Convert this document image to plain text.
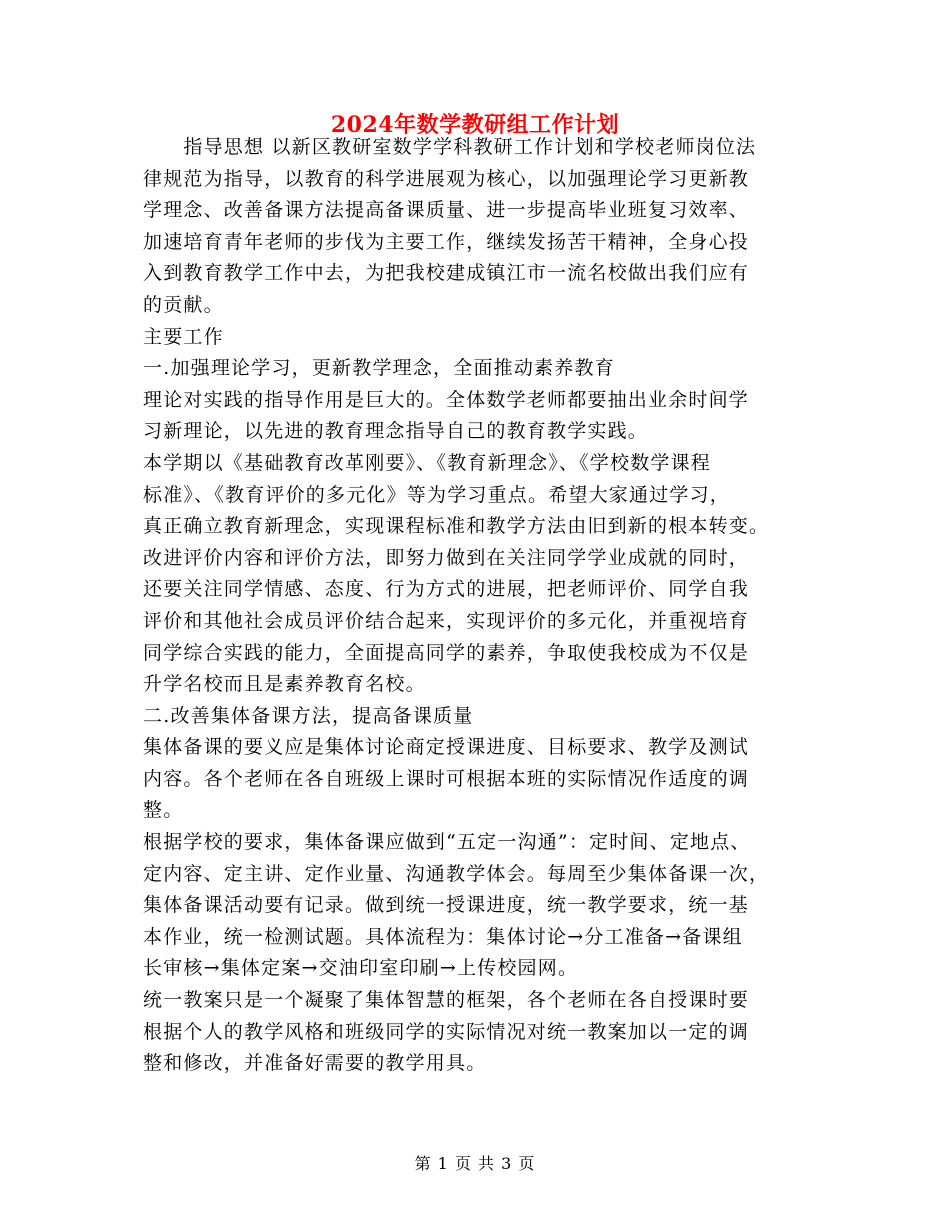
2024年数学教研组工作计划
　　指导思想 以新区教研室数学学科教研工作计划和学校老师岗位法
律规范为指导，以教育的科学进展观为核心，以加强理论学习更新教
学理念、改善备课方法提高备课质量、进一步提高毕业班复习效率、
加速培育青年老师的步伐为主要工作，继续发扬苦干精神，全身心投
入到教育教学工作中去，为把我校建成镇江市一流名校做出我们应有
的贡献。
主要工作
一.加强理论学习，更新教学理念，全面推动素养教育
理论对实践的指导作用是巨大的。全体数学老师都要抽出业余时间学
习新理论，以先进的教育理念指导自己的教育教学实践。
本学期以《基础教育改革刚要》、《教育新理念》、《学校数学课程
标准》、《教育评价的多元化》等为学习重点。希望大家通过学习，
真正确立教育新理念，实现课程标准和教学方法由旧到新的根本转变。
改进评价内容和评价方法，即努力做到在关注同学学业成就的同时，
还要关注同学情感、态度、行为方式的进展，把老师评价、同学自我
评价和其他社会成员评价结合起来，实现评价的多元化，并重视培育
同学综合实践的能力，全面提高同学的素养，争取使我校成为不仅是
升学名校而且是素养教育名校。
二.改善集体备课方法，提高备课质量
集体备课的要义应是集体讨论商定授课进度、目标要求、教学及测试
内容。各个老师在各自班级上课时可根据本班的实际情况作适度的调
整。
根据学校的要求，集体备课应做到“五定一沟通”：定时间、定地点、
定内容、定主讲、定作业量、沟通教学体会。每周至少集体备课一次，
集体备课活动要有记录。做到统一授课进度，统一教学要求，统一基
本作业，统一检测试题。具体流程为：集体讨论→分工准备→备课组
长审核→集体定案→交油印室印刷→上传校园网。
统一教案只是一个凝聚了集体智慧的框架，各个老师在各自授课时要
根据个人的教学风格和班级同学的实际情况对统一教案加以一定的调
整和修改，并准备好需要的教学用具。
第 1 页 共 3 页
